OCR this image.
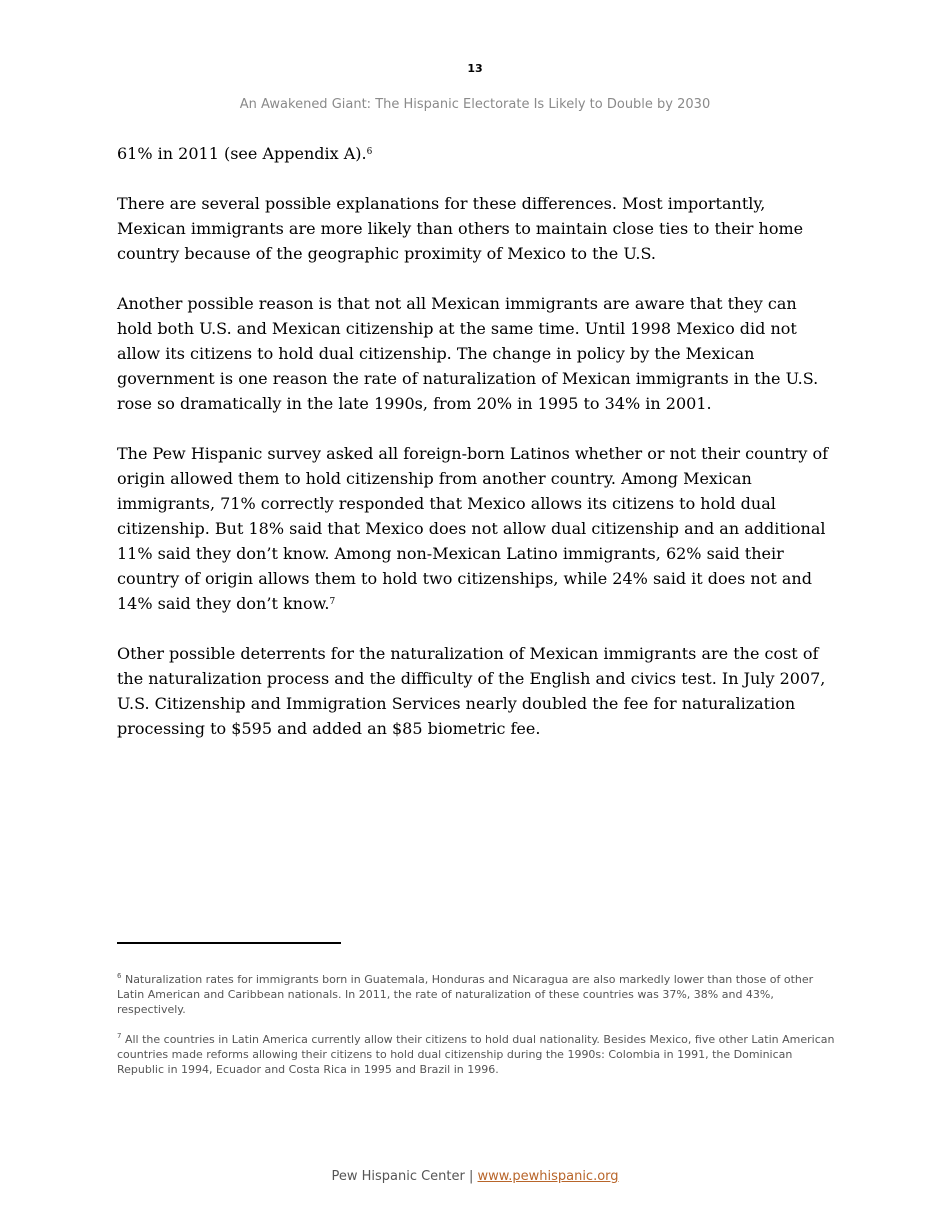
13
An Awakened Giant: The Hispanic Electorate Is Likely to Double by 2030

61% in 2011 (see Appendix A).$^6$

There are several possible explanations for these differences. Most importantly, Mexican immigrants are more likely than others to maintain close ties to their home country because of the geographic proximity of Mexico to the U.S.

Another possible reason is that not all Mexican immigrants are aware that they can hold both U.S. and Mexican citizenship at the same time. Until 1998 Mexico did not allow its citizens to hold dual citizenship. The change in policy by the Mexican government is one reason the rate of naturalization of Mexican immigrants in the U.S. rose so dramatically in the late 1990s, from 20% in 1995 to 34% in 2001.

The Pew Hispanic survey asked all foreign-born Latinos whether or not their country of origin allowed them to hold citizenship from another country. Among Mexican immigrants, 71% correctly responded that Mexico allows its citizens to hold dual citizenship. But 18% said that Mexico does not allow dual citizenship and an additional 11% said they don’t know. Among non-Mexican Latino immigrants, 62% said their country of origin allows them to hold two citizenships, while 24% said it does not and 14% said they don’t know.$^7$

Other possible deterrents for the naturalization of Mexican immigrants are the cost of the naturalization process and the difficulty of the English and civics test. In July 2007, U.S. Citizenship and Immigration Services nearly doubled the fee for naturalization processing to $595 and added an $85 biometric fee.

$^6$ Naturalization rates for immigrants born in Guatemala, Honduras and Nicaragua are also markedly lower than those of other Latin American and Caribbean nationals. In 2011, the rate of naturalization of these countries was 37%, 38% and 43%, respectively.

$^7$ All the countries in Latin America currently allow their citizens to hold dual nationality. Besides Mexico, five other Latin American countries made reforms allowing their citizens to hold dual citizenship during the 1990s: Colombia in 1991, the Dominican Republic in 1994, Ecuador and Costa Rica in 1995 and Brazil in 1996.

Pew Hispanic Center | www.pewhispanic.org
